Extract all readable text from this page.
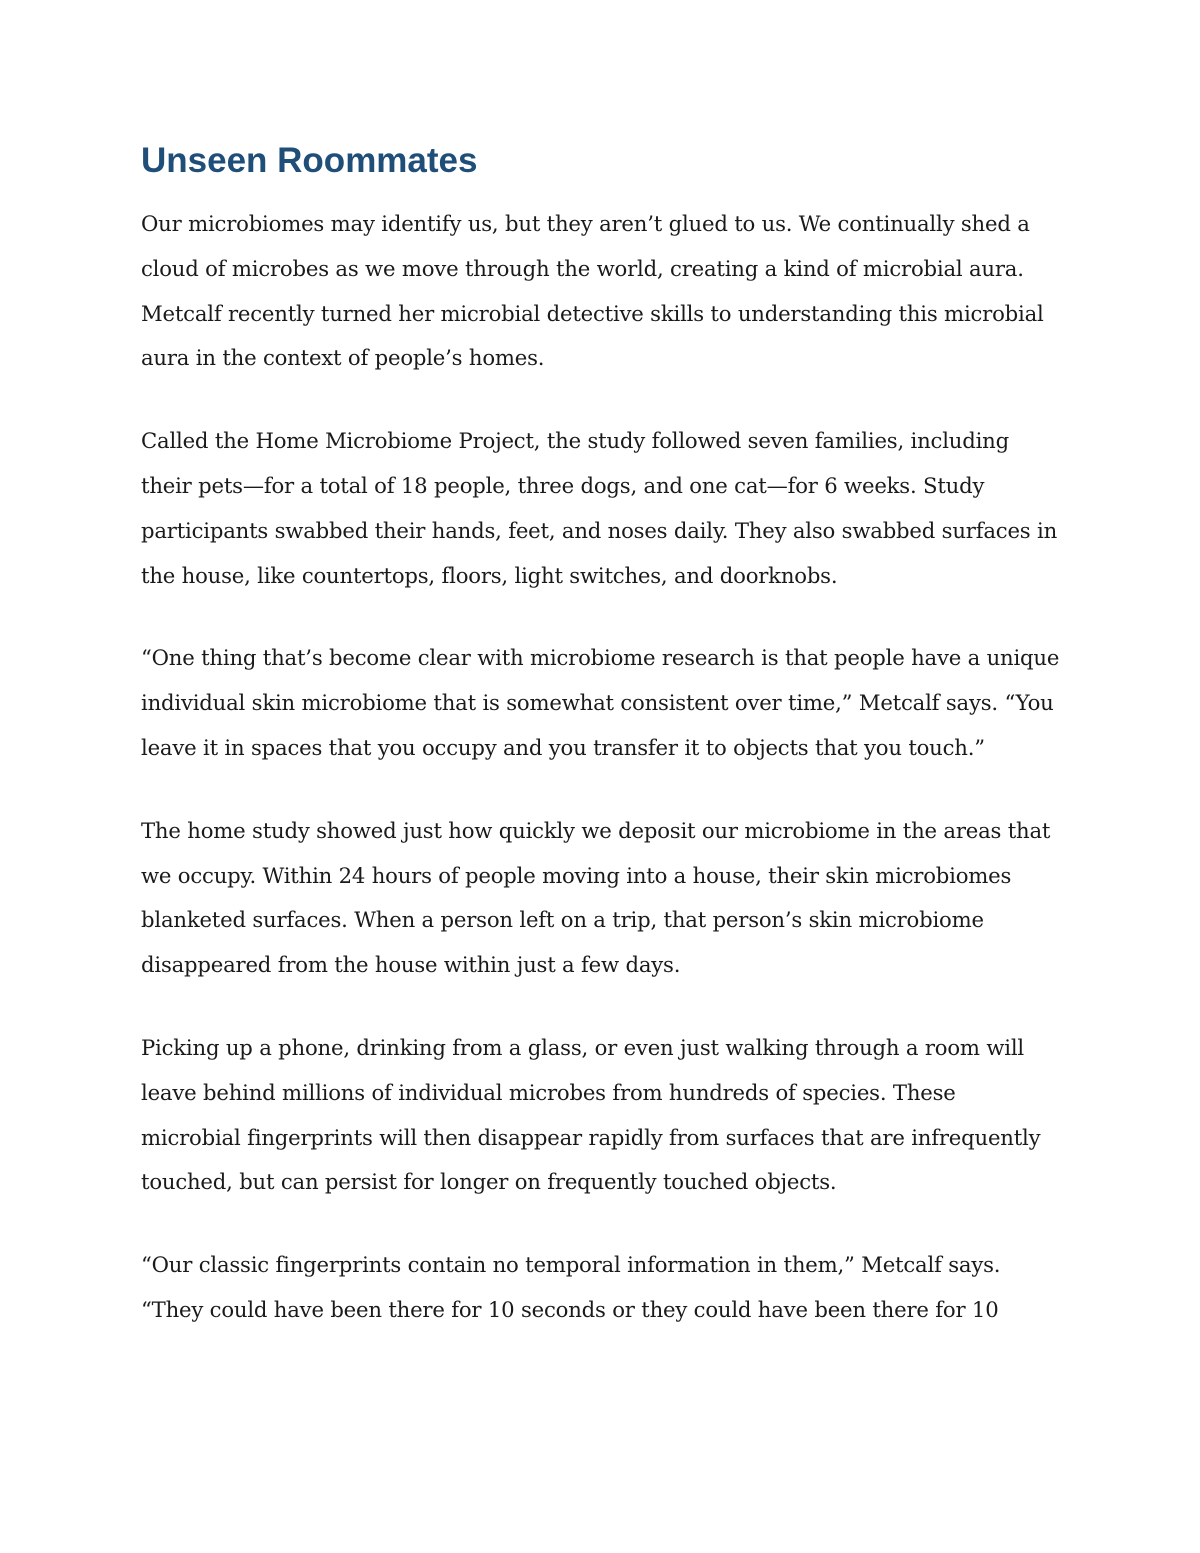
Unseen Roommates

Our microbiomes may identify us, but they aren’t glued to us. We continually shed a cloud of microbes as we move through the world, creating a kind of microbial aura. Metcalf recently turned her microbial detective skills to understanding this microbial aura in the context of people’s homes.

Called the Home Microbiome Project, the study followed seven families, including their pets—for a total of 18 people, three dogs, and one cat—for 6 weeks. Study participants swabbed their hands, feet, and noses daily. They also swabbed surfaces in the house, like countertops, floors, light switches, and doorknobs.

“One thing that’s become clear with microbiome research is that people have a unique individual skin microbiome that is somewhat consistent over time,” Metcalf says. “You leave it in spaces that you occupy and you transfer it to objects that you touch.”

The home study showed just how quickly we deposit our microbiome in the areas that we occupy. Within 24 hours of people moving into a house, their skin microbiomes blanketed surfaces. When a person left on a trip, that person’s skin microbiome disappeared from the house within just a few days.

Picking up a phone, drinking from a glass, or even just walking through a room will leave behind millions of individual microbes from hundreds of species. These microbial fingerprints will then disappear rapidly from surfaces that are infrequently touched, but can persist for longer on frequently touched objects.

“Our classic fingerprints contain no temporal information in them,” Metcalf says. “They could have been there for 10 seconds or they could have been there for 10
